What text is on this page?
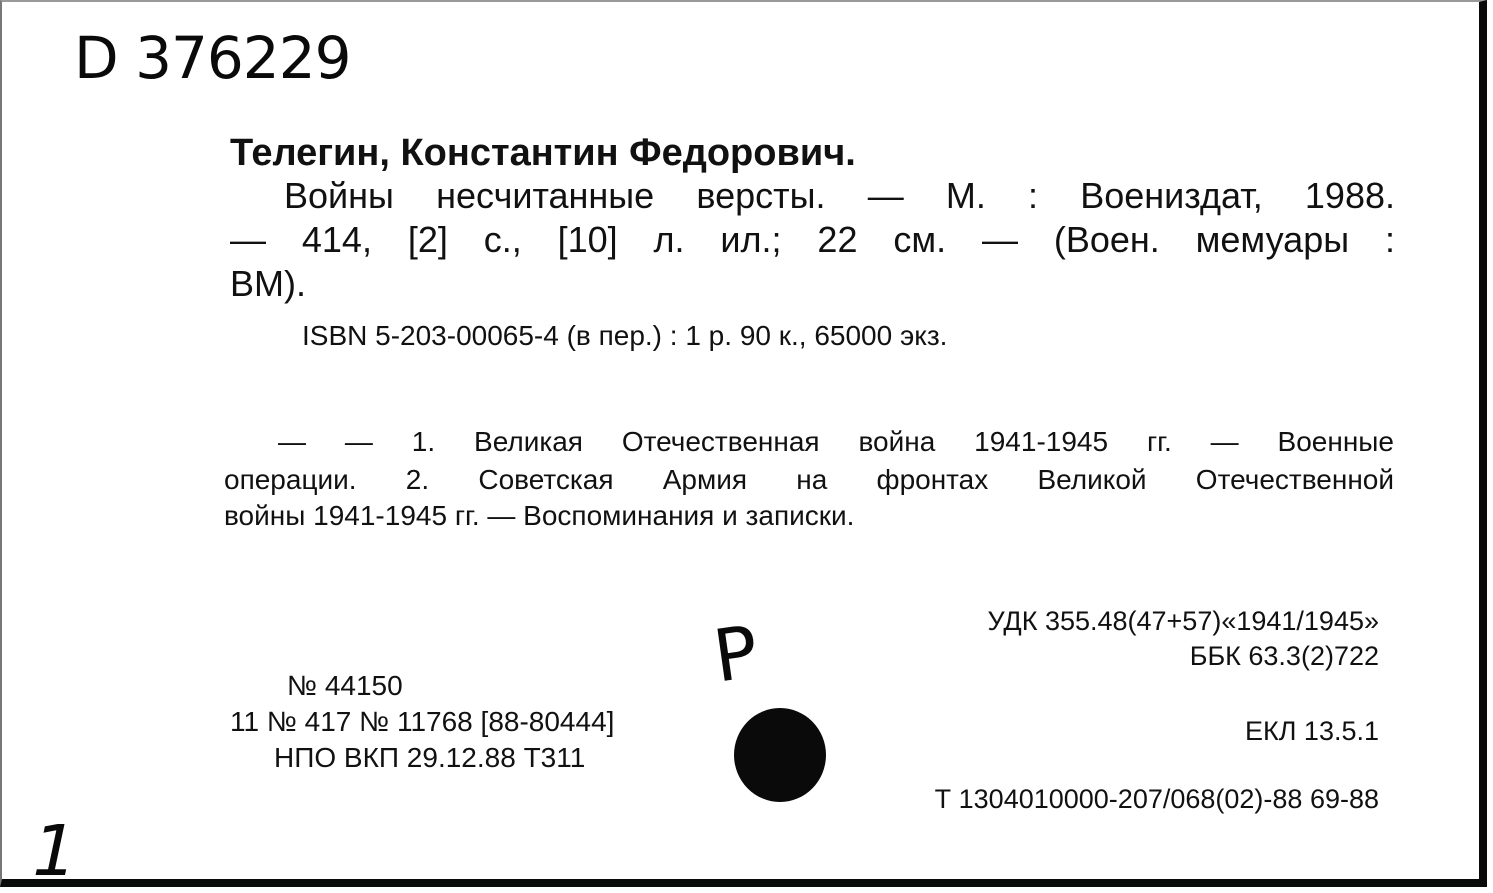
D 376229
Телегин, Константин Федорович.
Войны несчитанные версты. — М. : Воениздат, 1988.
— 414, [2] с., [10] л. ил.; 22 см. — (Воен. мемуары :
ВМ).
ISBN 5-203-00065-4 (в пер.) : 1 р. 90 к., 65000 экз.
— — 1. Великая Отечественная война 1941-1945 гг. — Военные
операции. 2. Советская Армия на фронтах Великой Отечественной
войны 1941-1945 гг. — Воспоминания и записки.
УДК 355.48(47+57)«1941/1945»
ББК 63.3(2)722
ЕКЛ 13.5.1
Т 1304010000-207/068(02)-88 69-88
№ 44150
11 № 417 № 11768 [88-80444]
НПО ВКП 29.12.88 Т311
Р
1
